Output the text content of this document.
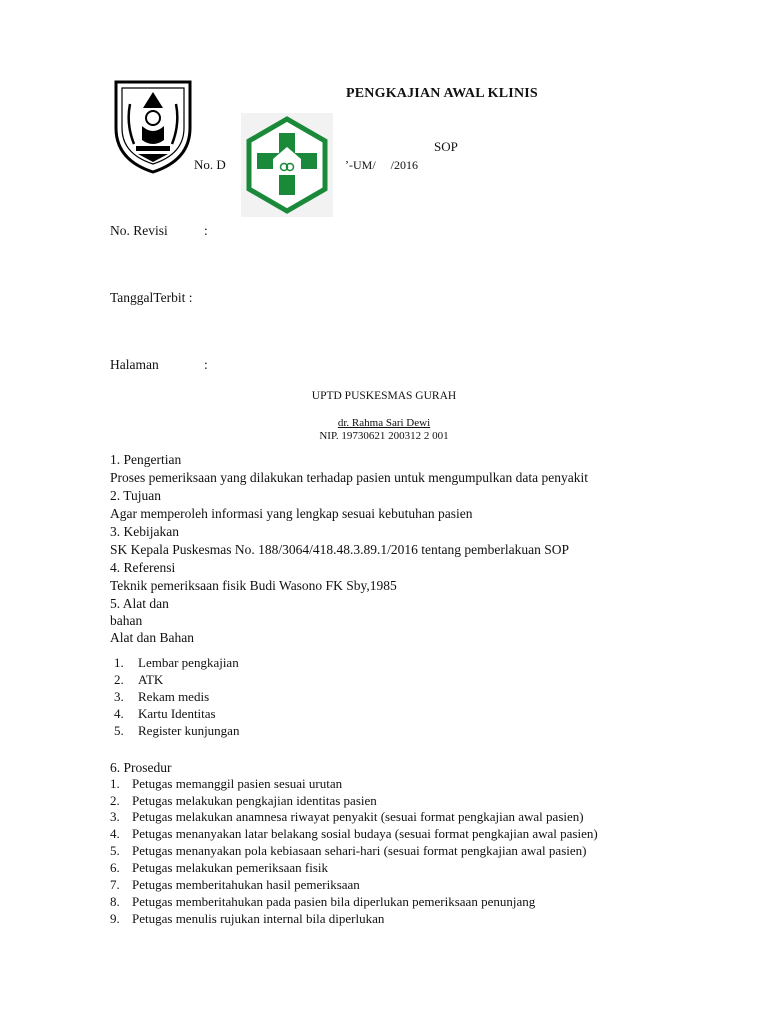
PENGKAJIAN AWAL KLINIS
SOP
No. D	ʼ-UM/     /2016
No. Revisi	:
TanggalTerbit :
Halaman	:
UPTD PUSKESMAS GURAH
dr. Rahma Sari Dewi
NIP. 19730621 200312 2 001
1. Pengertian
Proses pemeriksaan yang dilakukan terhadap pasien untuk mengumpulkan data penyakit
2. Tujuan
Agar memperoleh informasi yang lengkap sesuai kebutuhan pasien
3. Kebijakan
SK Kepala Puskesmas No. 188/3064/418.48.3.89.1/2016 tentang pemberlakuan SOP
4. Referensi
Teknik pemeriksaan fisik Budi Wasono FK Sby,1985
5. Alat dan
bahan
Alat dan Bahan
1. Lembar pengkajian
2. ATK
3. Rekam medis
4. Kartu Identitas
5. Register kunjungan
6. Prosedur
1. Petugas memanggil pasien sesuai urutan
2. Petugas melakukan pengkajian identitas pasien
3. Petugas melakukan anamnesa riwayat penyakit (sesuai format pengkajian awal pasien)
4. Petugas menanyakan latar belakang sosial budaya (sesuai format pengkajian awal pasien)
5. Petugas menanyakan pola kebiasaan sehari-hari (sesuai format pengkajian awal pasien)
6. Petugas melakukan pemeriksaan fisik
7. Petugas memberitahukan hasil pemeriksaan
8. Petugas memberitahukan pada pasien bila diperlukan pemeriksaan penunjang
9. Petugas menulis rujukan internal bila diperlukan
